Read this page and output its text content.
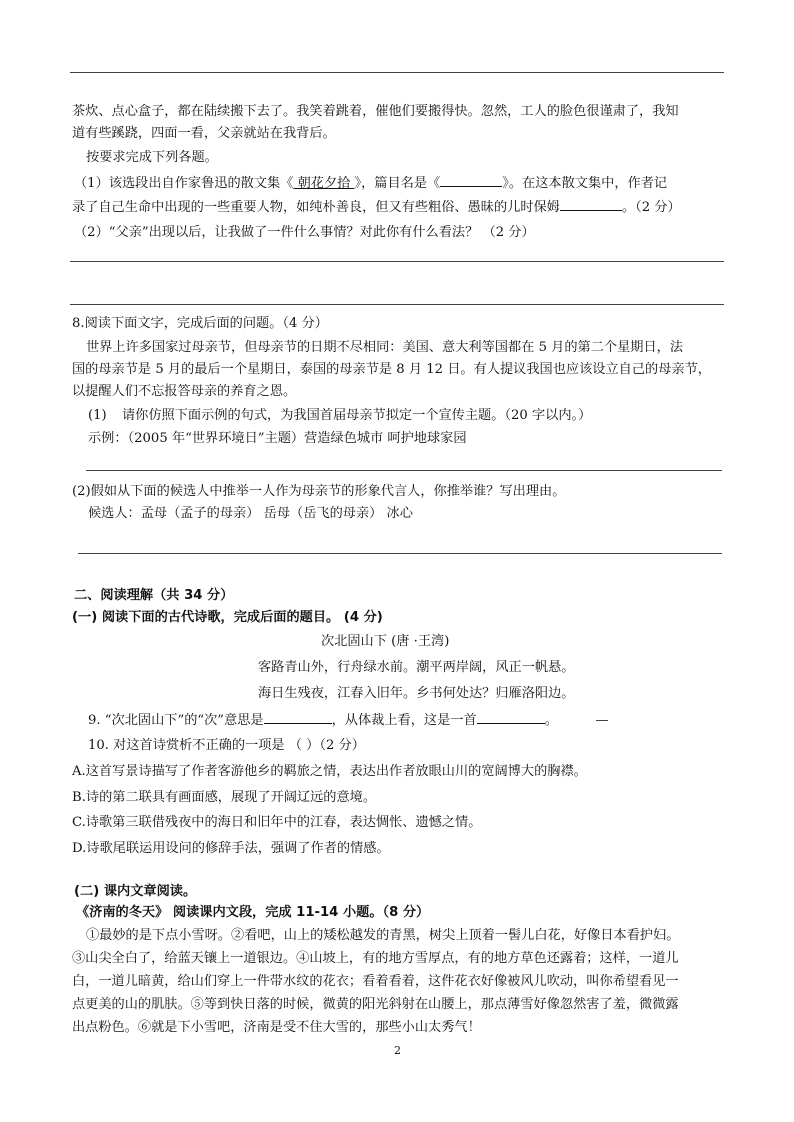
茶炊、点心盒子，都在陆续搬下去了。我笑着跳着，催他们要搬得快。忽然，工人的脸色很谨肃了，我知
道有些蹊跷，四面一看，父亲就站在我背后。
按要求完成下列各题。
（1）该选段出自作家鲁迅的散文集《 朝花夕拾 》，篇目名是《	》。在这本散文集中，作者记
录了自己生命中出现的一些重要人物，如纯朴善良，但又有些粗俗、愚昧的儿时保姆	。（2 分）
（2）“父亲”出现以后，让我做了一件什么事情？对此你有什么看法？ （2 分）
8.阅读下面文字，完成后面的问题。（4 分）
世界上许多国家过母亲节，但母亲节的日期不尽相同：美国、意大利等国都在 5 月的第二个星期日，法
国的母亲节是 5 月的最后一个星期日，泰国的母亲节是 8 月 12 日。有人提议我国也应该设立自己的母亲节，
以提醒人们不忘报答母亲的养育之恩。
(1) 请你仿照下面示例的句式，为我国首届母亲节拟定一个宣传主题。（20 字以内。）
示例：（2005 年“世界环境日”主题）营造绿色城市 呵护地球家园
(2)假如从下面的候选人中推举一人作为母亲节的形象代言人，你推举谁？写出理由。
候选人：孟母（孟子的母亲） 岳母（岳飞的母亲） 冰心
二、阅读理解（共 34 分）
(一) 阅读下面的古代诗歌，完成后面的题目。 (4 分)
次北固山下 (唐 ·王湾)
客路青山外，行舟绿水前。潮平两岸阔，风正一帆悬。
海日生残夜，江春入旧年。乡书何处达？归雁洛阳边。
9. “次北固山下”的“次”意思是	，从体裁上看，这是一首	。
10. 对这首诗赏析不正确的一项是 （ ）（2 分）
A.这首写景诗描写了作者客游他乡的羁旅之情，表达出作者放眼山川的宽阔博大的胸襟。
B.诗的第二联具有画面感，展现了开阔辽远的意境。
C.诗歌第三联借残夜中的海日和旧年中的江春，表达惆怅、遗憾之情。
D.诗歌尾联运用设问的修辞手法，强调了作者的情感。
(二) 课内文章阅读。
《济南的冬天》 阅读课内文段，完成 11-14 小题。（8 分）
①最妙的是下点小雪呀。②看吧，山上的矮松越发的青黑，树尖上顶着一髻儿白花，好像日本看护妇。
③山尖全白了，给蓝天镶上一道银边。④山坡上，有的地方雪厚点，有的地方草色还露着；这样，一道儿
白，一道儿暗黄，给山们穿上一件带水纹的花衣；看着看着，这件花衣好像被风儿吹动，叫你希望看见一
点更美的山的肌肤。⑤等到快日落的时候，微黄的阳光斜射在山腰上，那点薄雪好像忽然害了羞，微微露
出点粉色。⑥就是下小雪吧，济南是受不住大雪的，那些小山太秀气！
2
